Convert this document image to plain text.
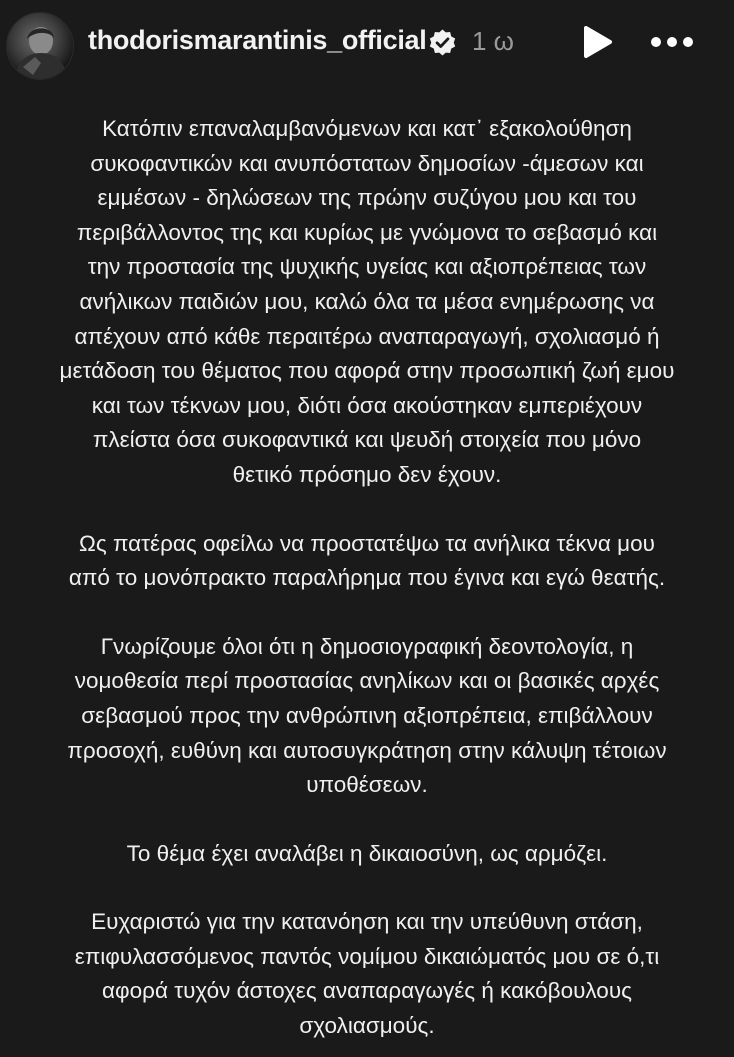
thodorismarantinis_official 1 ω
Κατόπιν επαναλαμβανόμενων και κατ᾽ εξακολούθηση
συκοφαντικών και ανυπόστατων δημοσίων -άμεσων και
εμμέσων - δηλώσεων της πρώην συζύγου μου και του
περιβάλλοντος της και κυρίως με γνώμονα το σεβασμό και
την προστασία της ψυχικής υγείας και αξιοπρέπειας των
ανήλικων παιδιών μου, καλώ όλα τα μέσα ενημέρωσης να
απέχουν από κάθε περαιτέρω αναπαραγωγή, σχολιασμό ή
μετάδοση του θέματος που αφορά στην προσωπική ζωή εμου
και των τέκνων μου, διότι όσα ακούστηκαν εμπεριέχουν
πλείστα όσα συκοφαντικά και ψευδή στοιχεία που μόνο
θετικό πρόσημο δεν έχουν.
Ως πατέρας οφείλω να προστατέψω τα ανήλικα τέκνα μου
από το μονόπρακτο παραλήρημα που έγινα και εγώ θεατής.
Γνωρίζουμε όλοι ότι η δημοσιογραφική δεοντολογία, η
νομοθεσία περί προστασίας ανηλίκων και οι βασικές αρχές
σεβασμού προς την ανθρώπινη αξιοπρέπεια, επιβάλλουν
προσοχή, ευθύνη και αυτοσυγκράτηση στην κάλυψη τέτοιων
υποθέσεων.
Το θέμα έχει αναλάβει η δικαιοσύνη, ως αρμόζει.
Ευχαριστώ για την κατανόηση και την υπεύθυνη στάση,
επιφυλασσόμενος παντός νομίμου δικαιώματός μου σε ό,τι
αφορά τυχόν άστοχες αναπαραγωγές ή κακόβουλους
σχολιασμούς.
